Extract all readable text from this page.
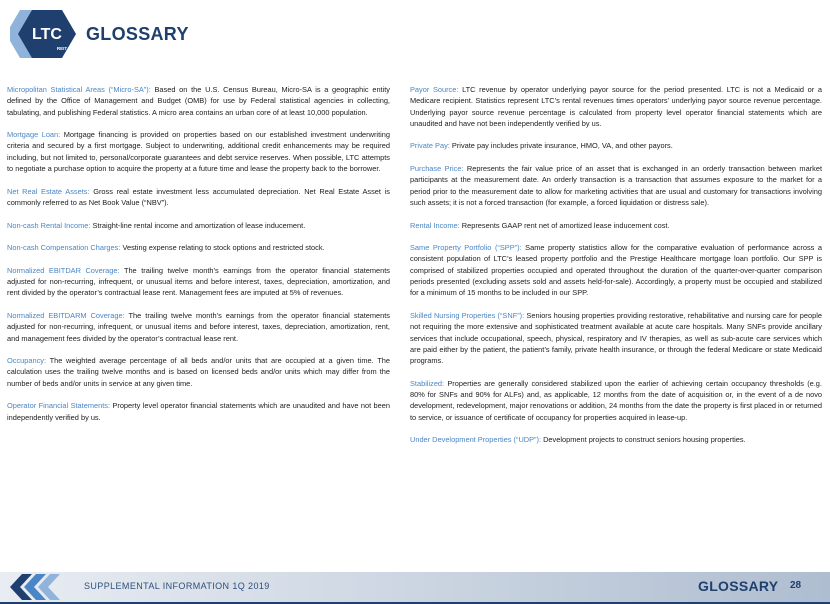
LTC
REIT
GLOSSARY

Micropolitan Statistical Areas (“Micro-SA”): Based on the U.S. Census Bureau, Micro-SA is a geographic entity defined by the Office of Management and Budget (OMB) for use by Federal statistical agencies in collecting, tabulating, and publishing Federal statistics. A micro area contains an urban core of at least 10,000 population.

Mortgage Loan: Mortgage financing is provided on properties based on our established investment underwriting criteria and secured by a first mortgage. Subject to underwriting, additional credit enhancements may be required including, but not limited to, personal/corporate guarantees and debt service reserves. When possible, LTC attempts to negotiate a purchase option to acquire the property at a future time and lease the property back to the borrower.

Net Real Estate Assets: Gross real estate investment less accumulated depreciation. Net Real Estate Asset is commonly referred to as Net Book Value (“NBV”).

Non-cash Rental Income: Straight-line rental income and amortization of lease inducement.

Non-cash Compensation Charges: Vesting expense relating to stock options and restricted stock.

Normalized EBITDAR Coverage: The trailing twelve month’s earnings from the operator financial statements adjusted for non-recurring, infrequent, or unusual items and before interest, taxes, depreciation, amortization, and rent divided by the operator’s contractual lease rent. Management fees are imputed at 5% of revenues.

Normalized EBITDARM Coverage: The trailing twelve month’s earnings from the operator financial statements adjusted for non-recurring, infrequent, or unusual items and before interest, taxes, depreciation, amortization, rent, and management fees divided by the operator’s contractual lease rent.

Occupancy: The weighted average percentage of all beds and/or units that are occupied at a given time. The calculation uses the trailing twelve months and is based on licensed beds and/or units which may differ from the number of beds and/or units in service at any given time.

Operator Financial Statements: Property level operator financial statements which are unaudited and have not been independently verified by us.

Payor Source: LTC revenue by operator underlying payor source for the period presented. LTC is not a Medicaid or a Medicare recipient. Statistics represent LTC’s rental revenues times operators’ underlying payor source revenue percentage. Underlying payor source revenue percentage is calculated from property level operator financial statements which are unaudited and have not been independently verified by us.

Private Pay: Private pay includes private insurance, HMO, VA, and other payors.

Purchase Price: Represents the fair value price of an asset that is exchanged in an orderly transaction between market participants at the measurement date. An orderly transaction is a transaction that assumes exposure to the market for a period prior to the measurement date to allow for marketing activities that are usual and customary for transactions involving such assets; it is not a forced transaction (for example, a forced liquidation or distress sale).

Rental Income: Represents GAAP rent net of amortized lease inducement cost.

Same Property Portfolio (“SPP”): Same property statistics allow for the comparative evaluation of performance across a consistent population of LTC’s leased property portfolio and the Prestige Healthcare mortgage loan portfolio. Our SPP is comprised of stabilized properties occupied and operated throughout the duration of the quarter-over-quarter comparison periods presented (excluding assets sold and assets held-for-sale). Accordingly, a property must be occupied and stabilized for a minimum of 15 months to be included in our SPP.

Skilled Nursing Properties (“SNF”): Seniors housing properties providing restorative, rehabilitative and nursing care for people not requiring the more extensive and sophisticated treatment available at acute care hospitals. Many SNFs provide ancillary services that include occupational, speech, physical, respiratory and IV therapies, as well as sub-acute care services which are paid either by the patient, the patient’s family, private health insurance, or through the federal Medicare or state Medicaid programs.

Stabilized: Properties are generally considered stabilized upon the earlier of achieving certain occupancy thresholds (e.g. 80% for SNFs and 90% for ALFs) and, as applicable, 12 months from the date of acquisition or, in the event of a de novo development, redevelopment, major renovations or addition, 24 months from the date the property is first placed in or returned to service, or issuance of certificate of occupancy for properties acquired in lease-up.

Under Development Properties (“UDP”): Development projects to construct seniors housing properties.

SUPPLEMENTAL INFORMATION 1Q 2019	GLOSSARY 28
